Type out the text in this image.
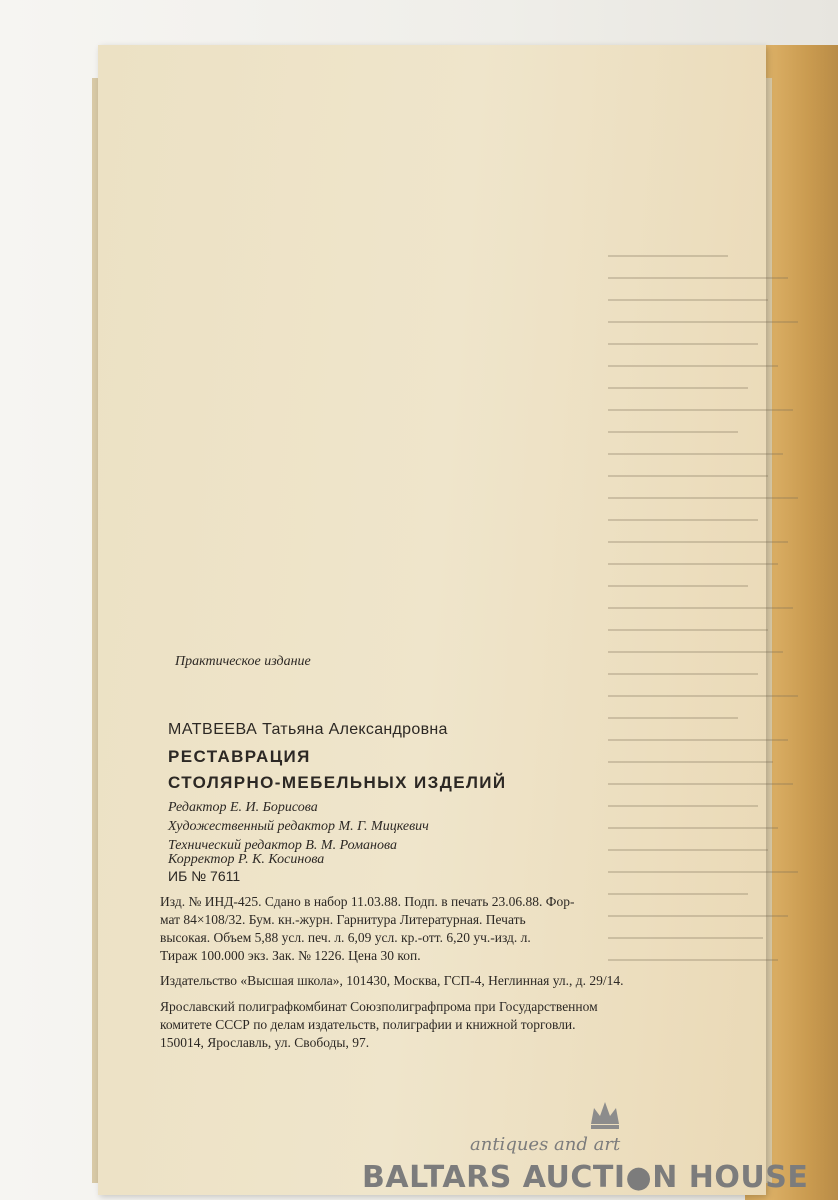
Практическое издание
МАТВЕЕВА Татьяна Александровна
РЕСТАВРАЦИЯ
СТОЛЯРНО-МЕБЕЛЬНЫХ ИЗДЕЛИЙ
Редактор Е. И. Борисова
Художественный редактор М. Г. Мицкевич
Технический редактор В. М. Романова
Корректор Р. К. Косинова
ИБ № 7611
Изд. № ИНД-425. Сдано в набор 11.03.88. Подп. в печать 23.06.88. Фор-
мат 84×108/32. Бум. кн.-журн. Гарнитура Литературная. Печать
высокая. Объем 5,88 усл. печ. л. 6,09 усл. кр.-отт. 6,20 уч.-изд. л.
Тираж 100.000 экз. Зак. № 1226. Цена 30 коп.
Издательство «Высшая школа», 101430, Москва, ГСП-4, Неглинная ул., д. 29/14.
Ярославский полиграфкомбинат Союзполиграфпрома при Государственном
комитете СССР по делам издательств, полиграфии и книжной торговли.
150014, Ярославль, ул. Свободы, 97.
antiques and art
BALTARS AUCTI●N HOUSE
